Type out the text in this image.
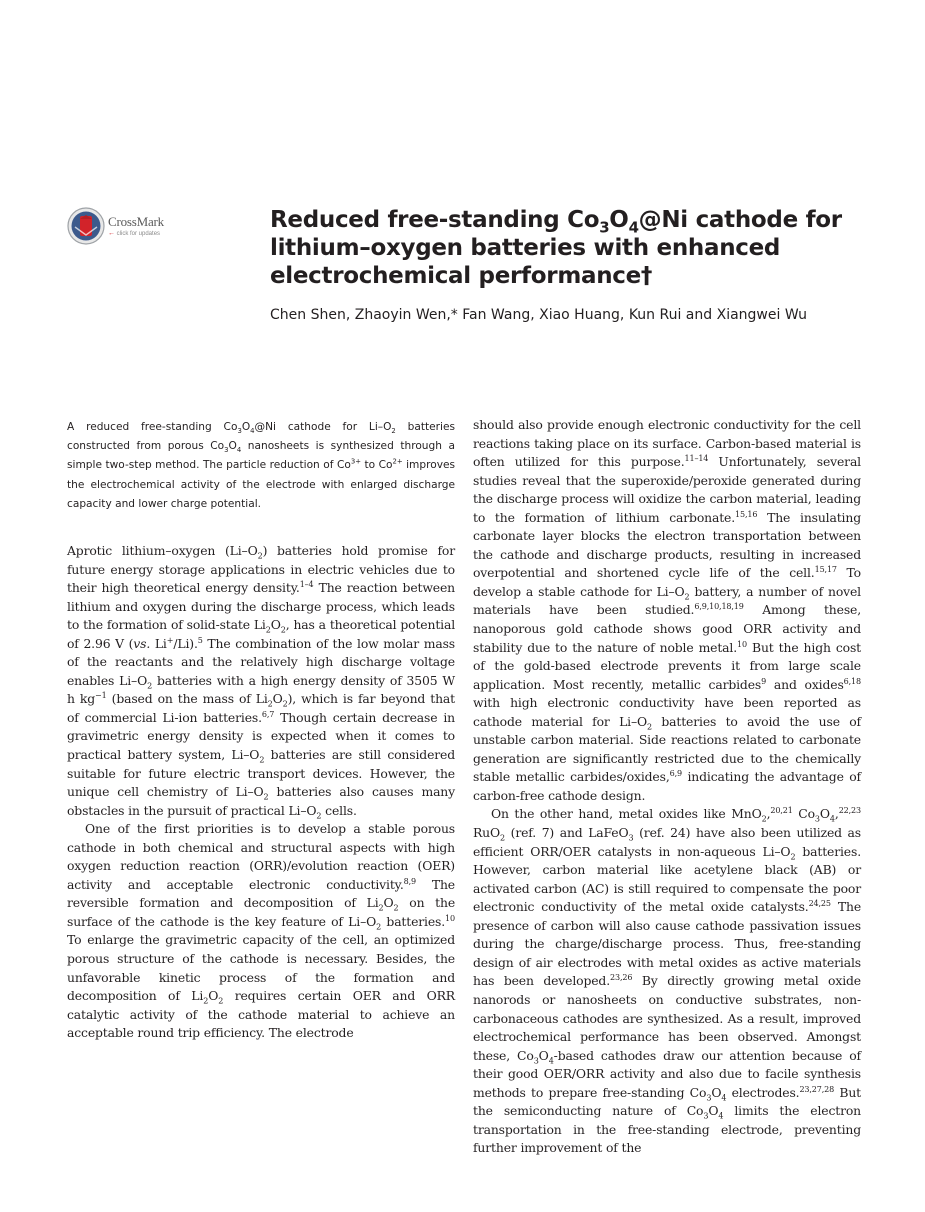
CrossMark
← click for updates
Reduced free-standing $Co_3O_4@Ni$ cathode for lithium–oxygen batteries with enhanced electrochemical performance†
Chen Shen, Zhaoyin Wen,* Fan Wang, Xiao Huang, Kun Rui and Xiangwei Wu

A reduced free-standing $Co_3O_4@Ni$ cathode for $Li-O_2$ batteries constructed from porous $Co_3O_4$ nanosheets is synthesized through a simple two-step method. The particle reduction of $Co^{3+}$ to $Co^{2+}$ improves the electrochemical activity of the electrode with enlarged discharge capacity and lower charge potential.

Aprotic lithium–oxygen $(Li-O_2)$ batteries hold promise for future energy storage applications in electric vehicles due to their high theoretical energy density.$^{1-4}$ The reaction between lithium and oxygen during the discharge process, which leads to the formation of solid-state $Li_2O_2$, has a theoretical potential of 2.96 V (vs. Li+/Li).$^5$ The combination of the low molar mass of the reactants and the relatively high discharge voltage enables $Li-O_2$ batteries with a high energy density of 3505 W h $kg^{-1}$ (based on the mass of $Li_2O_2$), which is far beyond that of commercial Li-ion batteries.$^{6,7}$ Though certain decrease in gravimetric energy density is expected when it comes to practical battery system, $Li-O_2$ batteries are still considered suitable for future electric transport devices. However, the unique cell chemistry of $Li-O_2$ batteries also causes many obstacles in the pursuit of practical $Li-O_2$ cells.

One of the first priorities is to develop a stable porous cathode in both chemical and structural aspects with high oxygen reduction reaction (ORR)/evolution reaction (OER) activity and acceptable electronic conductivity.$^{8,9}$ The reversible formation and decomposition of $Li_2O_2$ on the surface of the cathode is the key feature of $Li-O_2$ batteries.$^{10}$ To enlarge the gravimetric capacity of the cell, an optimized porous structure of the cathode is necessary. Besides, the unfavorable kinetic process of the formation and decomposition of $Li_2O_2$ requires certain OER and ORR catalytic activity of the cathode material to achieve an acceptable round trip efficiency. The electrode

should also provide enough electronic conductivity for the cell reactions taking place on its surface. Carbon-based material is often utilized for this purpose.$^{11-14}$ Unfortunately, several studies reveal that the superoxide/peroxide generated during the discharge process will oxidize the carbon material, leading to the formation of lithium carbonate.$^{15,16}$ The insulating carbonate layer blocks the electron transportation between the cathode and discharge products, resulting in increased overpotential and shortened cycle life of the cell.$^{15,17}$ To develop a stable cathode for $Li-O_2$ battery, a number of novel materials have been studied.$^{6,9,10,18,19}$ Among these, nanoporous gold cathode shows good ORR activity and stability due to the nature of noble metal.$^{10}$ But the high cost of the gold-based electrode prevents it from large scale application. Most recently, metallic carbides$^9$ and oxides$^{6,18}$ with high electronic conductivity have been reported as cathode material for $Li-O_2$ batteries to avoid the use of unstable carbon material. Side reactions related to carbonate generation are significantly restricted due to the chemically stable metallic carbides/oxides,$^{6,9}$ indicating the advantage of carbon-free cathode design.

On the other hand, metal oxides like MnO$_2$,$^{20,21}$ $Co_3O_4,^{22,23}$ RuO$_2$ (ref. 7) and LaFeO$_3$ (ref. 24) have also been utilized as efficient ORR/OER catalysts in non-aqueous $Li-O_2$ batteries. However, carbon material like acetylene black (AB) or activated carbon (AC) is still required to compensate the poor electronic conductivity of the metal oxide catalysts.$^{24,25}$ The presence of carbon will also cause cathode passivation issues during the charge/discharge process. Thus, free-standing design of air electrodes with metal oxides as active materials has been developed.$^{23,26}$ By directly growing metal oxide nanorods or nanosheets on conductive substrates, non-carbonaceous cathodes are synthesized. As a result, improved electrochemical performance has been observed. Amongst these, $Co_3O_4$-based cathodes draw our attention because of their good OER/ORR activity and also due to facile synthesis methods to prepare free-standing $Co_3O_4$ electrodes.$^{23,27,28}$ But the semiconducting nature of $Co_3O_4$ limits the electron transportation in the free-standing electrode, preventing further improvement of the
